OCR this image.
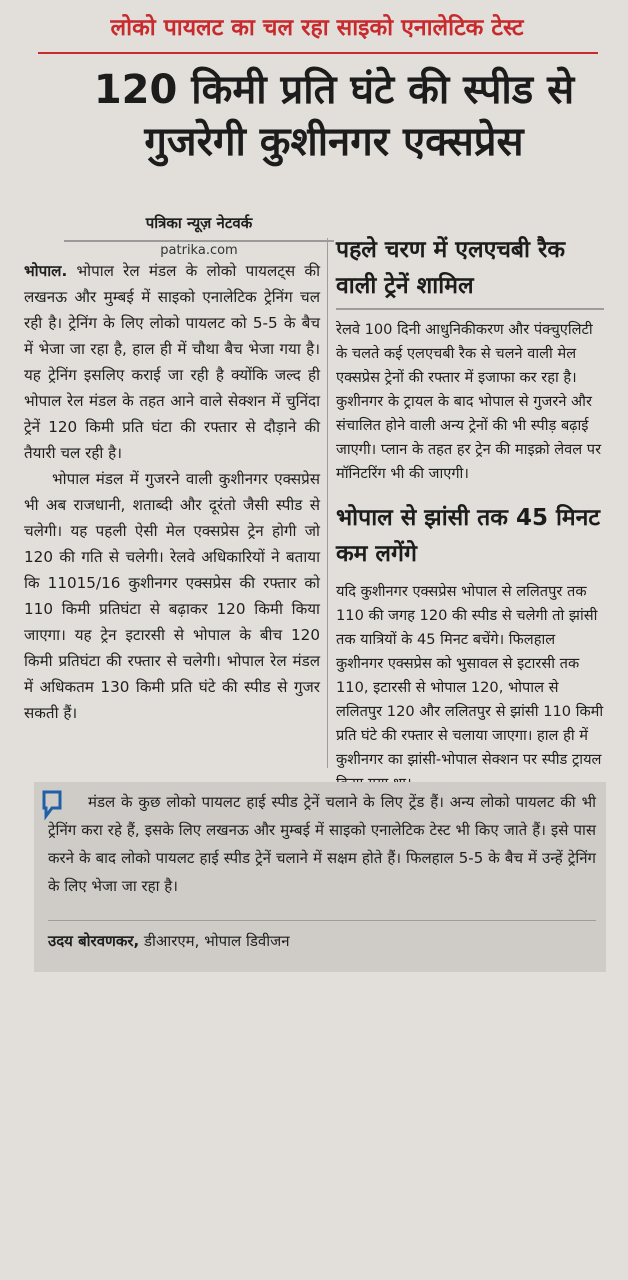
लोको पायलट का चल रहा साइको एनालेटिक टेस्ट
120 किमी प्रति घंटे की स्पीड से
गुजरेगी कुशीनगर एक्सप्रेस
पत्रिका न्यूज़ नेटवर्क
patrika.com

भोपाल. भोपाल रेल मंडल के लोको पायलट्स की लखनऊ और मुम्बई में साइको एनालेटिक ट्रेनिंग चल रही है। ट्रेनिंग के लिए लोको पायलट को 5-5 के बैच में भेजा जा रहा है, हाल ही में चौथा बैच भेजा गया है। यह ट्रेनिंग इसलिए कराई जा रही है क्योंकि जल्द ही भोपाल रेल मंडल के तहत आने वाले सेक्शन में चुनिंदा ट्रेनें 120 किमी प्रति घंटा की रफ्तार से दौड़ाने की तैयारी चल रही है।

भोपाल मंडल में गुजरने वाली कुशीनगर एक्सप्रेस भी अब राजधानी, शताब्दी और दूरंतो जैसी स्पीड से चलेगी। यह पहली ऐसी मेल एक्सप्रेस ट्रेन होगी जो 120 की गति से चलेगी। रेलवे अधिकारियों ने बताया कि 11015/16 कुशीनगर एक्सप्रेस की रफ्तार को 110 किमी प्रतिघंटा से बढ़ाकर 120 किमी किया जाएगा। यह ट्रेन इटारसी से भोपाल के बीच 120 किमी प्रतिघंटा की रफ्तार से चलेगी। भोपाल रेल मंडल में अधिकतम 130 किमी प्रति घंटे की स्पीड से गुजर सकती हैं।

पहले चरण में एलएचबी रैक वाली ट्रेनें शामिल

रेलवे 100 दिनी आधुनिकीकरण और पंक्चुएलिटी के चलते कई एलएचबी रैक से चलने वाली मेल एक्सप्रेस ट्रेनों की रफ्तार में इजाफा कर रहा है। कुशीनगर के ट्रायल के बाद भोपाल से गुजरने और संचालित होने वाली अन्य ट्रेनों की भी स्पीड़ बढ़ाई जाएगी। प्लान के तहत हर ट्रेन की माइक्रो लेवल पर मॉनिटरिंग भी की जाएगी।

भोपाल से झांसी तक 45 मिनट कम लगेंगे

यदि कुशीनगर एक्सप्रेस भोपाल से ललितपुर तक 110 की जगह 120 की स्पीड से चलेगी तो झांसी तक यात्रियों के 45 मिनट बचेंगे। फिलहाल कुशीनगर एक्सप्रेस को भुसावल से इटारसी तक 110, इटारसी से भोपाल 120, भोपाल से ललितपुर 120 और ललितपुर से झांसी 110 किमी प्रति घंटे की रफ्तार से चलाया जाएगा। हाल ही में कुशीनगर का झांसी-भोपाल सेक्शन पर स्पीड ट्रायल

मंडल के कुछ लोको पायलट हाई स्पीड ट्रेनें चलाने के लिए ट्रेंड हैं। अन्य लोको पायलट की भी ट्रेनिंग करा रहे हैं, इसके लिए लखनऊ और मुम्बई में साइको एनालेटिक टेस्ट भी किए जाते हैं। इसे पास करने के बाद लोको पायलट हाई स्पीड ट्रेनें चलाने में सक्षम होते हैं। फिलहाल 5-5 के बैच में उन्हें ट्रेनिंग के लिए भेजा जा रहा है।
उदय बोरवणकर, डीआरएम, भोपाल डिवीजन
